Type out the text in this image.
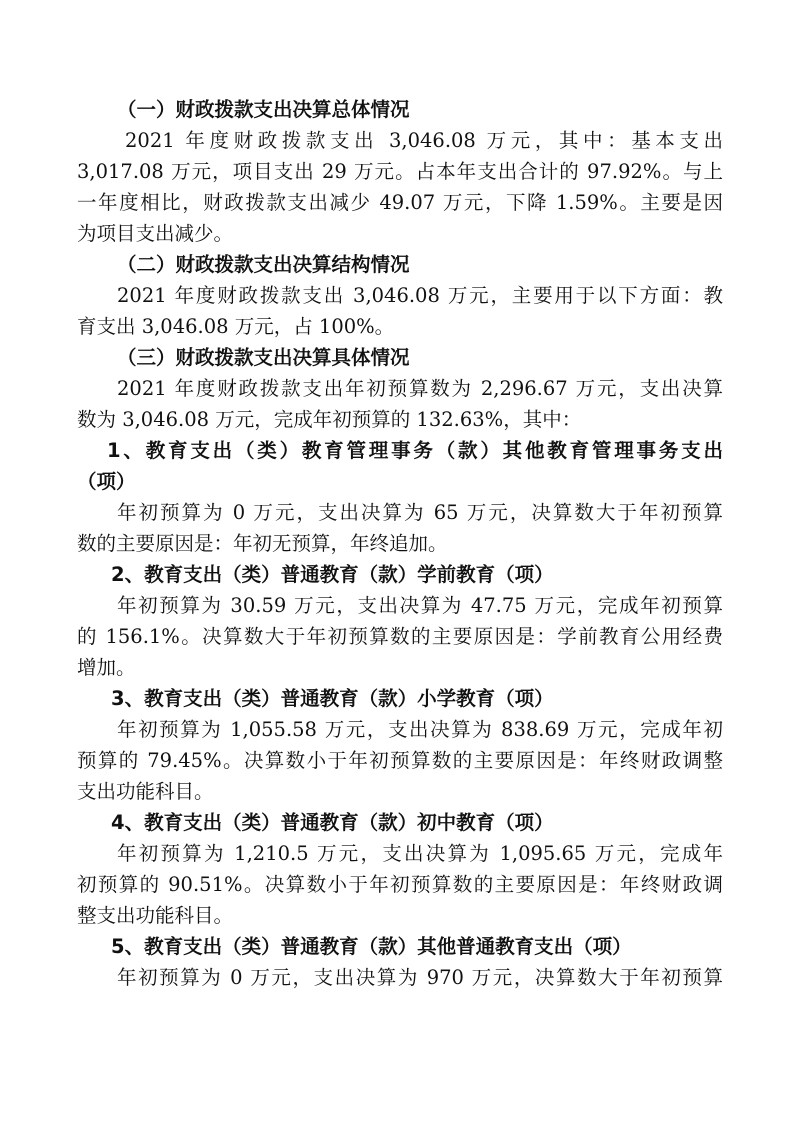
（一）财政拨款支出决算总体情况
2021 年度财政拨款支出 3,046.08 万元，其中：基本支出
3,017.08 万元，项目支出 29 万元。占本年支出合计的 97.92%。与上
一年度相比，财政拨款支出减少 49.07 万元，下降 1.59%。主要是因
为项目支出减少。
（二）财政拨款支出决算结构情况
2021 年度财政拨款支出 3,046.08 万元，主要用于以下方面：教
育支出 3,046.08 万元，占 100%。
（三）财政拨款支出决算具体情况
2021 年度财政拨款支出年初预算数为 2,296.67 万元，支出决算
数为 3,046.08 万元，完成年初预算的 132.63%，其中：
1、教育支出（类）教育管理事务（款）其他教育管理事务支出
（项）
年初预算为 0 万元，支出决算为 65 万元，决算数大于年初预算
数的主要原因是：年初无预算，年终追加。
2、教育支出（类）普通教育（款）学前教育（项）
年初预算为 30.59 万元，支出决算为 47.75 万元，完成年初预算
的 156.1%。决算数大于年初预算数的主要原因是：学前教育公用经费
增加。
3、教育支出（类）普通教育（款）小学教育（项）
年初预算为 1,055.58 万元，支出决算为 838.69 万元，完成年初
预算的 79.45%。决算数小于年初预算数的主要原因是：年终财政调整
支出功能科目。
4、教育支出（类）普通教育（款）初中教育（项）
年初预算为 1,210.5 万元，支出决算为 1,095.65 万元，完成年
初预算的 90.51%。决算数小于年初预算数的主要原因是：年终财政调
整支出功能科目。
5、教育支出（类）普通教育（款）其他普通教育支出（项）
年初预算为 0 万元，支出决算为 970 万元，决算数大于年初预算
